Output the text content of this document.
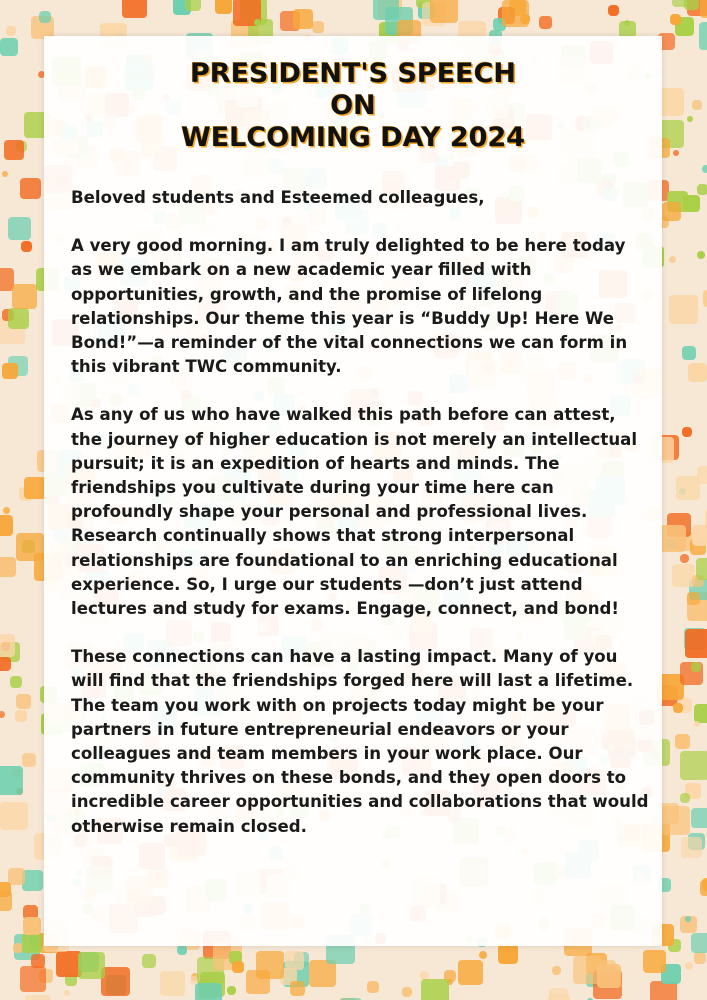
PRESIDENT'S SPEECH
ON
WELCOMING DAY 2024

Beloved students and Esteemed colleagues,

A very good morning. I am truly delighted to be here today as we embark on a new academic year filled with opportunities, growth, and the promise of lifelong relationships. Our theme this year is “Buddy Up! Here We Bond!”—a reminder of the vital connections we can form in this vibrant TWC community.

As any of us who have walked this path before can attest, the journey of higher education is not merely an intellectual pursuit; it is an expedition of hearts and minds. The friendships you cultivate during your time here can profoundly shape your personal and professional lives. Research continually shows that strong interpersonal relationships are foundational to an enriching educational experience. So, I urge our students —don’t just attend lectures and study for exams. Engage, connect, and bond!

These connections can have a lasting impact. Many of you will find that the friendships forged here will last a lifetime. The team you work with on projects today might be your partners in future entrepreneurial endeavors or your colleagues and team members in your work place. Our community thrives on these bonds, and they open doors to incredible career opportunities and collaborations that would otherwise remain closed.
